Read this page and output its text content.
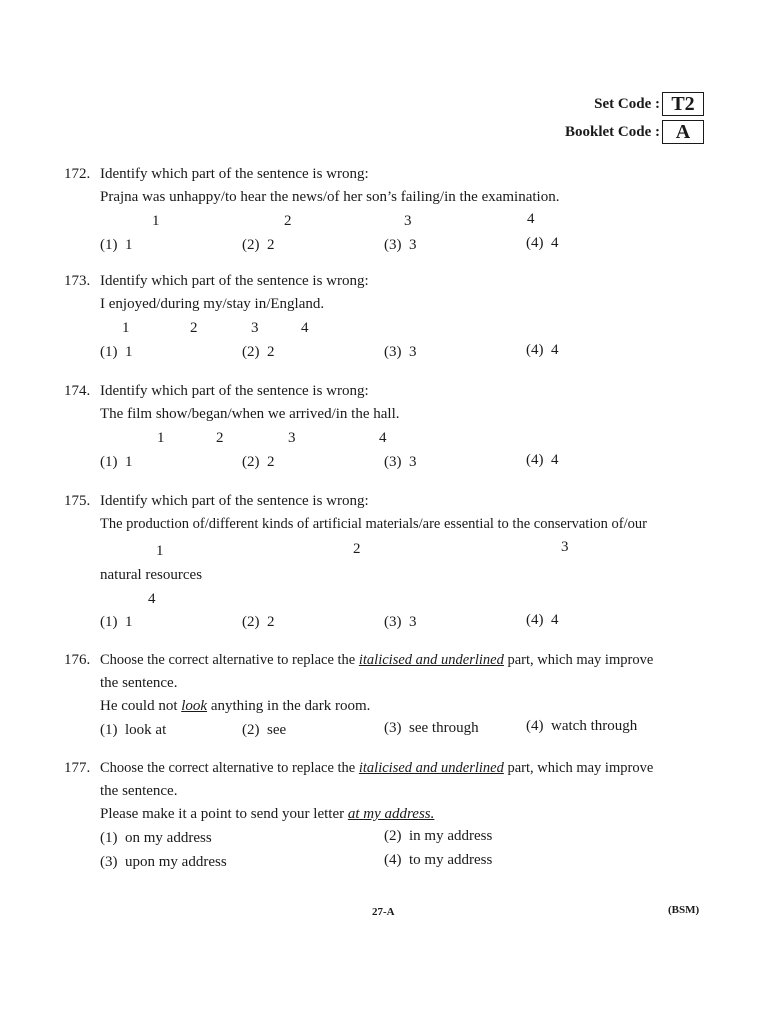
Set Code : T2
Booklet Code : A
172. Identify which part of the sentence is wrong:
Prajna was unhappy/to hear the news/of her son’s failing/in the examination.
1	2	3	4
(1) 1	(2) 2	(3) 3	(4) 4
173. Identify which part of the sentence is wrong:
I enjoyed/during my/stay in/England.
1	2	3	4
(1) 1	(2) 2	(3) 3	(4) 4
174. Identify which part of the sentence is wrong:
The film show/began/when we arrived/in the hall.
1	2	3	4
(1) 1	(2) 2	(3) 3	(4) 4
175. Identify which part of the sentence is wrong:
The production of/different kinds of artificial materials/are essential to the conservation of/our
1	2	3
natural resources
4
(1) 1	(2) 2	(3) 3	(4) 4
176. Choose the correct alternative to replace the italicised and underlined part, which may improve
the sentence.
He could not look anything in the dark room.
(1) look at	(2) see	(3) see through	(4) watch through
177. Choose the correct alternative to replace the italicised and underlined part, which may improve
the sentence.
Please make it a point to send your letter at my address.
(1) on my address	(2) in my address
(3) upon my address	(4) to my address
27-A	(BSM)
